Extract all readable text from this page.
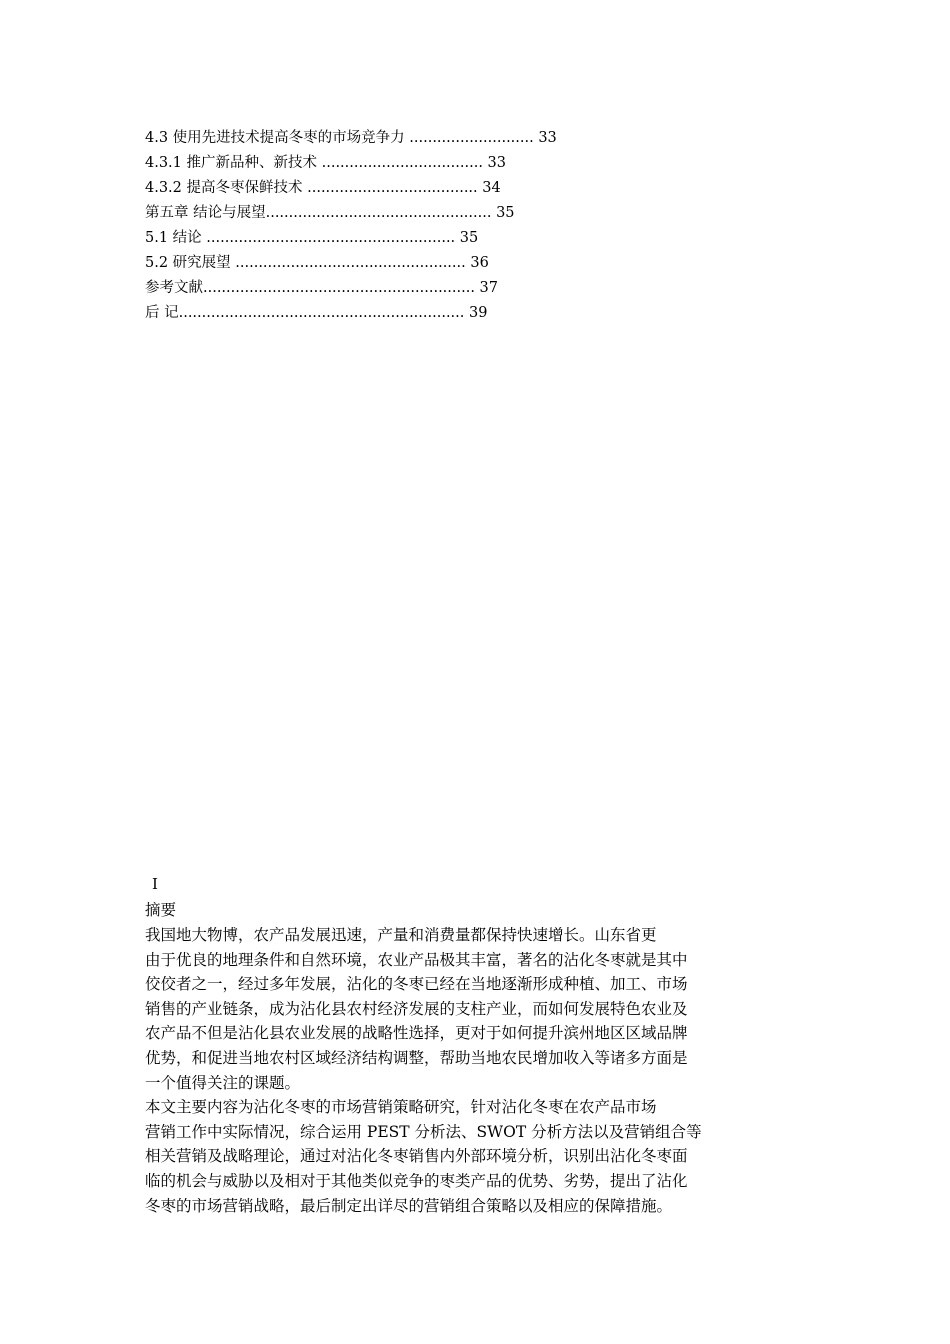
4.3 使用先进技术提高冬枣的市场竞争力 ........................... 33
4.3.1 推广新品种、新技术 ................................... 33
4.3.2 提高冬枣保鲜技术 ..................................... 34
第五章 结论与展望................................................. 35
5.1 结论 ...................................................... 35
5.2 研究展望 .................................................. 36
参考文献........................................................... 37
后 记.............................................................. 39
I
摘要
我国地大物博，农产品发展迅速，产量和消费量都保持快速增长。山东省更
由于优良的地理条件和自然环境，农业产品极其丰富，著名的沾化冬枣就是其中
佼佼者之一，经过多年发展，沾化的冬枣已经在当地逐渐形成种植、加工、市场
销售的产业链条，成为沾化县农村经济发展的支柱产业，而如何发展特色农业及
农产品不但是沾化县农业发展的战略性选择，更对于如何提升滨州地区区域品牌
优势，和促进当地农村区域经济结构调整，帮助当地农民增加收入等诸多方面是
一个值得关注的课题。
本文主要内容为沾化冬枣的市场营销策略研究，针对沾化冬枣在农产品市场
营销工作中实际情况，综合运用 PEST 分析法、SWOT 分析方法以及营销组合等
相关营销及战略理论，通过对沾化冬枣销售内外部环境分析，识别出沾化冬枣面
临的机会与威胁以及相对于其他类似竞争的枣类产品的优势、劣势，提出了沾化
冬枣的市场营销战略，最后制定出详尽的营销组合策略以及相应的保障措施。
